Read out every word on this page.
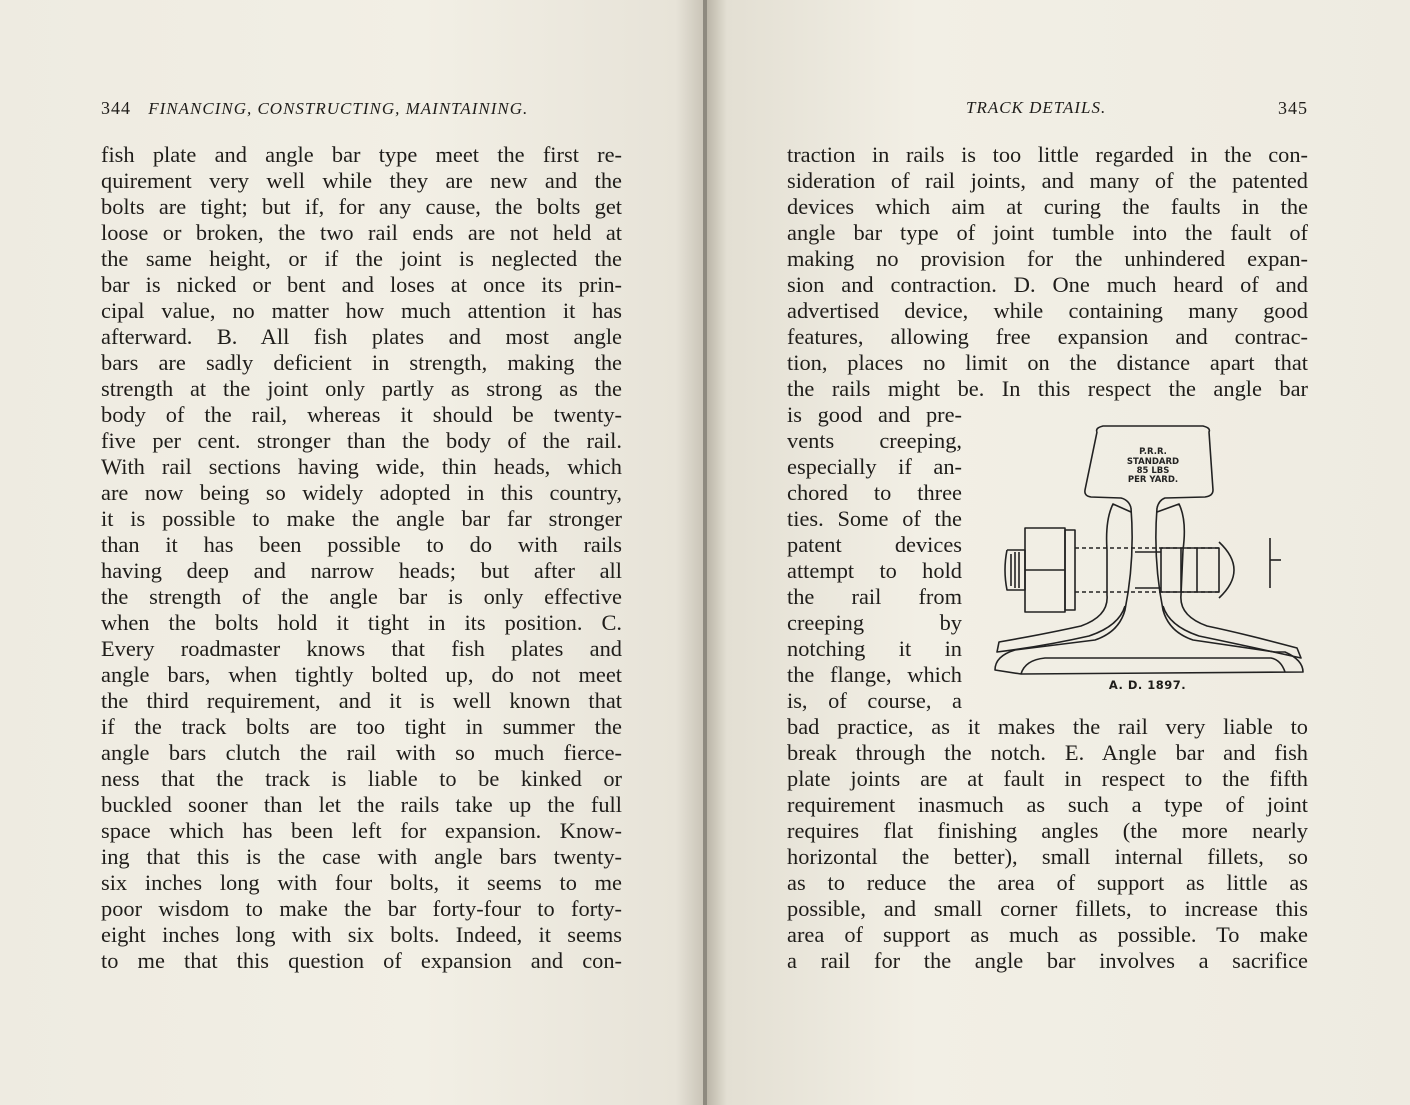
344 FINANCING, CONSTRUCTING, MAINTAINING.	TRACK DETAILS.	345
fish plate and angle bar type meet the first re-
quirement very well while they are new and the
bolts are tight; but if, for any cause, the bolts get
loose or broken, the two rail ends are not held at
the same height, or if the joint is neglected the
bar is nicked or bent and loses at once its prin-
cipal value, no matter how much attention it has
afterward. B. All fish plates and most angle
bars are sadly deficient in strength, making the
strength at the joint only partly as strong as the
body of the rail, whereas it should be twenty-
five per cent. stronger than the body of the rail.
With rail sections having wide, thin heads, which
are now being so widely adopted in this country,
it is possible to make the angle bar far stronger
than it has been possible to do with rails
having deep and narrow heads; but after all
the strength of the angle bar is only effective
when the bolts hold it tight in its position. C.
Every roadmaster knows that fish plates and
angle bars, when tightly bolted up, do not meet
the third requirement, and it is well known that
if the track bolts are too tight in summer the
angle bars clutch the rail with so much fierce-
ness that the track is liable to be kinked or
buckled sooner than let the rails take up the full
space which has been left for expansion. Know-
ing that this is the case with angle bars twenty-
six inches long with four bolts, it seems to me
poor wisdom to make the bar forty-four to forty-
eight inches long with six bolts. Indeed, it seems
to me that this question of expansion and con-
traction in rails is too little regarded in the con-
sideration of rail joints, and many of the patented
devices which aim at curing the faults in the
angle bar type of joint tumble into the fault of
making no provision for the unhindered expan-
sion and contraction. D. One much heard of and
advertised device, while containing many good
features, allowing free expansion and contrac-
tion, places no limit on the distance apart that
the rails might be. In this respect the angle bar
is good and pre-
vents creeping,
especially if an-
chored to three
ties. Some of the
patent devices
attempt to hold
the rail from
creeping by
notching it in
the flange, which
is, of course, a
P.R.R.
STANDARD
85 LBS
PER YARD.
A. D. 1897.
bad practice, as it makes the rail very liable to
break through the notch. E. Angle bar and fish
plate joints are at fault in respect to the fifth
requirement inasmuch as such a type of joint
requires flat finishing angles (the more nearly
horizontal the better), small internal fillets, so
as to reduce the area of support as little as
possible, and small corner fillets, to increase this
area of support as much as possible. To make
a rail for the angle bar involves a sacrifice
